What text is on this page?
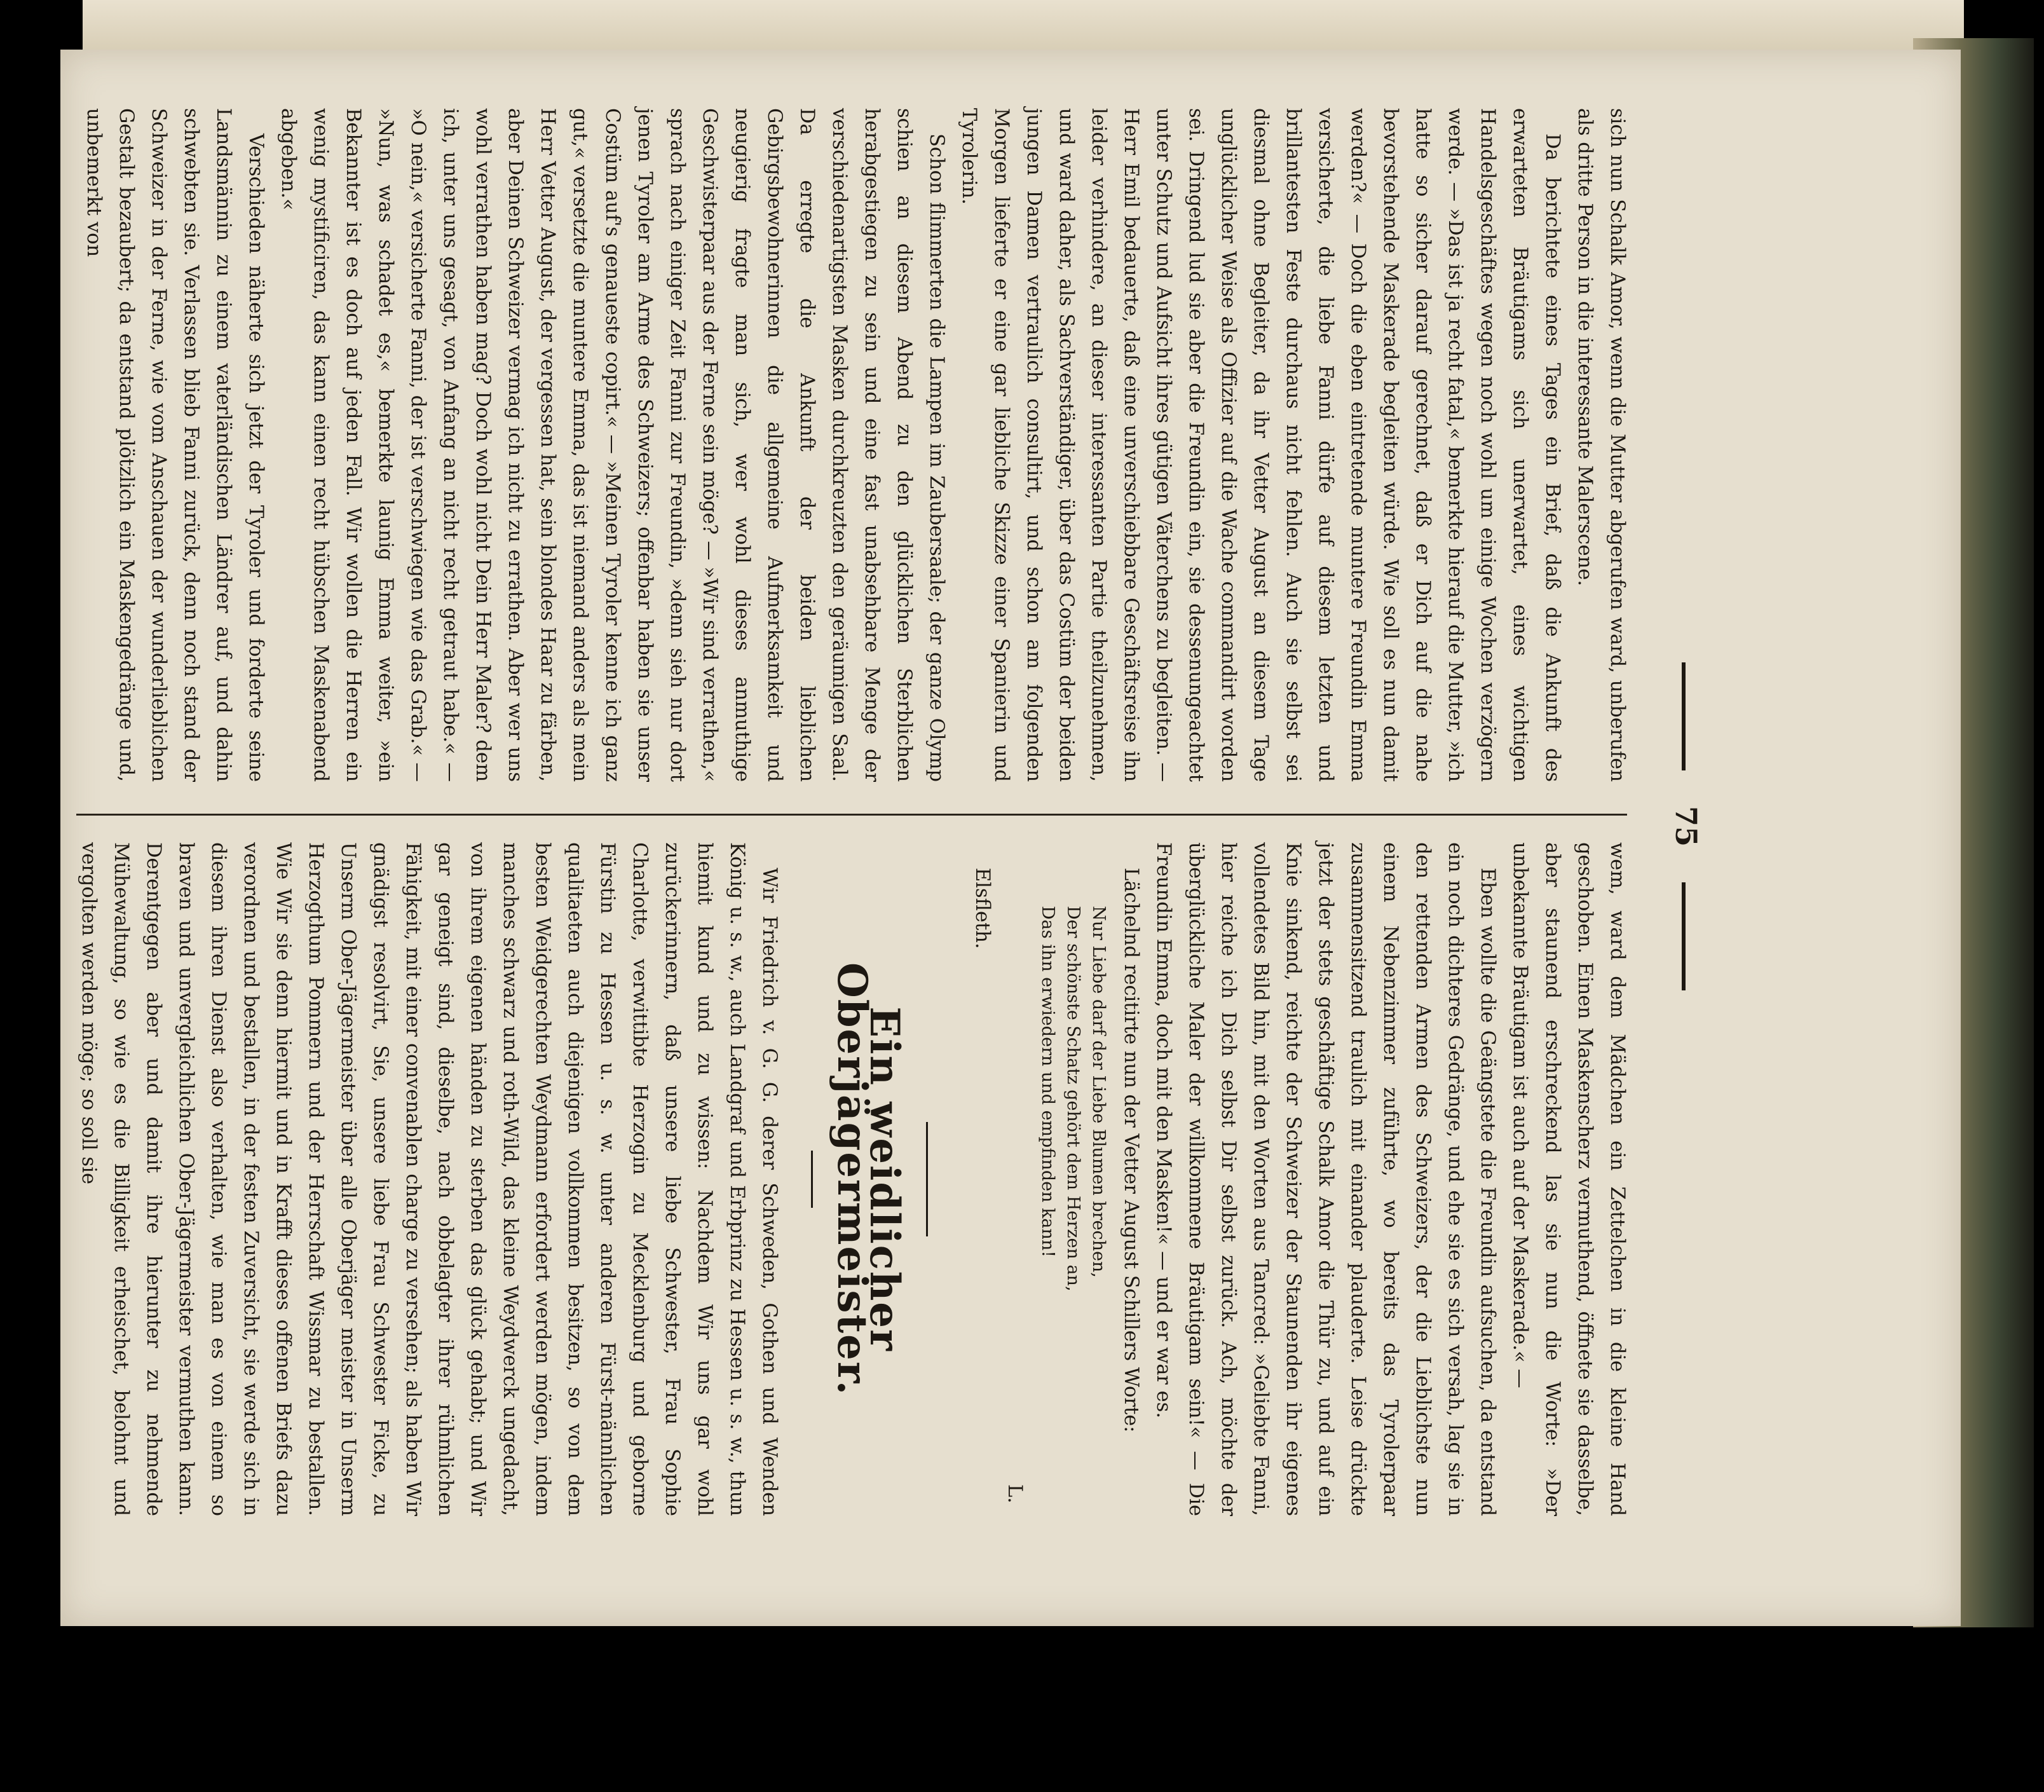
75

sich nun Schalk Amor, wenn die Mutter abgerufen ward, unberufen als dritte Person in die interessante Malerscene.

Da berichtete eines Tages ein Brief, daß die Ankunft des erwarteten Bräutigams sich unerwartet, eines wichtigen Handelsgeschäftes wegen noch wohl um einige Wochen verzögern werde. — »Das ist ja recht fatal,« bemerkte hierauf die Mutter, »ich hatte so sicher darauf gerechnet, daß er Dich auf die nahe bevorstehende Maskerade begleiten würde. Wie soll es nun damit werden?« — Doch die eben eintretende muntere Freundin Emma versicherte, die liebe Fanni dürfe auf diesem letzten und brillantesten Feste durchaus nicht fehlen. Auch sie selbst sei diesmal ohne Begleiter, da ihr Vetter August an diesem Tage unglücklicher Weise als Offizier auf die Wache commandirt worden sei. Dringend lud sie aber die Freundin ein, sie dessenungeachtet unter Schutz und Aufsicht ihres gütigen Väterchens zu begleiten. — Herr Emil bedauerte, daß eine unverschiebbare Geschäftsreise ihn leider verhindere, an dieser interessanten Partie theilzunehmen, und ward daher, als Sachverständiger, über das Costüm der beiden jungen Damen vertraulich consultirt, und schon am folgenden Morgen lieferte er eine gar liebliche Skizze einer Spanierin und Tyrolerin.

Schon flimmerten die Lampen im Zaubersaale; der ganze Olymp schien an diesem Abend zu den glücklichen Sterblichen herabgestiegen zu sein und eine fast unabsehbare Menge der verschiedenartigsten Masken durchkreuzten den geräumigen Saal. Da erregte die Ankunft der beiden lieblichen Gebirgsbewohnerinnen die allgemeine Aufmerksamkeit und neugierig fragte man sich, wer wohl dieses anmuthige Geschwisterpaar aus der Ferne sein möge? — »Wir sind verrathen,« sprach nach einiger Zeit Fanni zur Freundin, »denn sieh nur dort jenen Tyroler am Arme des Schweizers; offenbar haben sie unser Costüm auf's genaueste copirt.« — »Meinen Tyroler kenne ich ganz gut,« versetzte die muntere Emma, das ist niemand anders als mein Herr Vetter August, der vergessen hat, sein blondes Haar zu färben, aber Deinen Schweizer vermag ich nicht zu errathen. Aber wer uns wohl verrathen haben mag? Doch wohl nicht Dein Herr Maler? dem ich, unter uns gesagt, von Anfang an nicht recht getraut habe.« — »O nein,« versicherte Fanni, der ist verschwiegen wie das Grab.« — »Nun, was schadet es,« bemerkte launig Emma weiter, »ein Bekannter ist es doch auf jeden Fall. Wir wollen die Herren ein wenig mystificiren, das kann einen recht hübschen Maskenabend abgeben.«

Verschieden näherte sich jetzt der Tyroler und forderte seine Landsmännin zu einem vaterländischen Ländrer auf, und dahin schwebten sie. Verlassen blieb Fanni zurück, denn noch stand der Schweizer in der Ferne, wie vom Anschauen der wunderlieblichen Gestalt bezaubert; da entstand plötzlich ein Maskengedränge und, unbemerkt von

wem, ward dem Mädchen ein Zettelchen in die kleine Hand geschoben. Einen Maskenscherz vermuthend, öffnete sie dasselbe, aber staunend erschreckend las sie nun die Worte: »Der unbekannte Bräutigam ist auch auf der Maskerade.« —

Eben wollte die Geängstete die Freundin aufsuchen, da entstand ein noch dichteres Gedränge, und ehe sie es sich versah, lag sie in den rettenden Armen des Schweizers, der die Lieblichste nun einem Nebenzimmer zuführte, wo bereits das Tyrolerpaar zusammensitzend traulich mit einander plauderte. Leise drückte jetzt der stets geschäftige Schalk Amor die Thür zu, und auf ein Knie sinkend, reichte der Schweizer der Staunenden ihr eigenes vollendetes Bild hin, mit den Worten aus Tancred: »Geliebte Fanni, hier reiche ich Dich selbst Dir selbst zurück. Ach, möchte der überglückliche Maler der willkommene Bräutigam sein!« — Die Freundin Emma, doch mit den Masken!« — und er war es.

Lächelnd recitirte nun der Vetter August Schillers Worte:

Nur Liebe darf der Liebe Blumen brechen,
Der schönste Schatz gehört dem Herzen an,
Das ihn erwiedern und empfinden kann!

L.

Elsfleth.

Ein weidlicher Oberjägermeister.

Wir Friedrich v. G. G. derer Schweden, Gothen und Wenden König u. s. w., auch Landgraf und Erbprinz zu Hessen u. s. w., thun hiemit kund und zu wissen: Nachdem Wir uns gar wohl zurückerinnern, daß unsere liebe Schwester, Frau Sophie Charlotte, verwittibte Herzogin zu Mecklenburg und geborne Fürstin zu Hessen u. s. w. unter anderen Fürst-männlichen qualitaeten auch diejenigen vollkommen besitzen, so von dem besten Weidgerechten Weydmann erfordert werden mögen, indem manches schwarz und roth-Wild, das kleine Weydwerck ungedacht, von ihrem eigenen händen zu sterben das glück gehabt; und Wir gar geneigt sind, dieselbe, nach obbelagter ihrer rühmlichen Fähigkeit, mit einer convenablen charge zu versehen; als haben Wir gnädigst resolvirt, Sie, unsere liebe Frau Schwester Ficke, zu Unserm Ober-Jägermeister über alle Oberjäger meister in Unserm Herzogthum Pommern und der Herrschaft Wissmar zu bestallen. Wie Wir sie denn hiermit und in Krafft dieses offenen Briefs dazu verordnen und bestallen, in der festen Zuversicht, sie werde sich in diesem ihren Dienst also verhalten, wie man es von einem so braven und unvergleichlichen Ober-Jägermeister vermuthen kann. Derentgegen aber und damit ihre hierunter zu nehmende Mühewaltung, so wie es die Billigkeit erheischet, belohnt und vergolten werden möge; so soll sie
